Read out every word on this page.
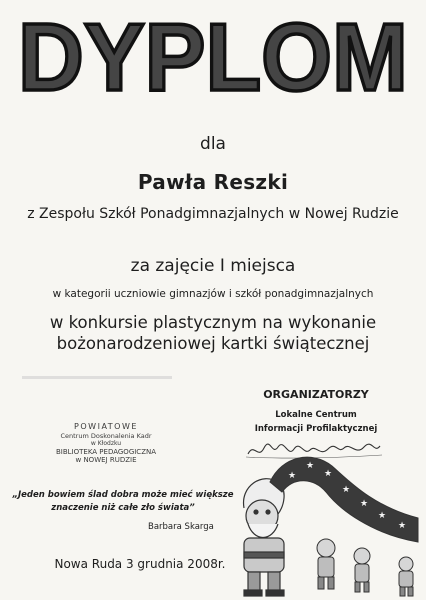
DYPLOM
dla
Pawła Reszki
z Zespołu Szkół Ponadgimnazjalnych w Nowej Rudzie
za zajęcie I miejsca
w kategorii uczniowie gimnazjów i szkół ponadgimnazjalnych
w konkursie plastycznym na wykonanie
bożonarodzeniowej kartki świątecznej
ORGANIZATORZY
Lokalne Centrum
Informacji Profilaktycznej
POWIATOWE
Centrum Doskonalenia Kadr
w Kłodzku
BIBLIOTEKA PEDAGOGICZNA
w NOWEJ RUDZIE
„Jeden bowiem ślad dobra może mieć większe
znaczenie niż całe zło świata”
Barbara Skarga
Nowa Ruda 3 grudnia 2008r.
★
★
★
★
★
★
★
